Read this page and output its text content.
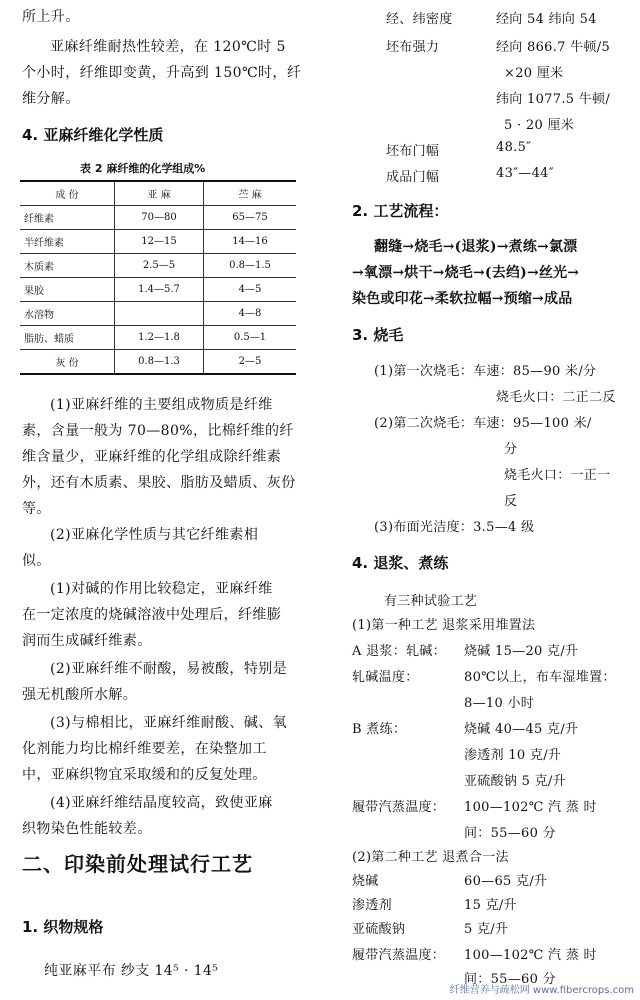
所上升。
亚麻纤维耐热性较差，在 120℃时 5
个小时，纤维即变黄，升高到 150℃时，纤
维分解。
4. 亚麻纤维化学性质
表 2 麻纤维的化学组成%
成 份	亚 麻	苎 麻
纤维素	70—80	65—75
半纤维素	12—15	14—16
木质素	2.5—5	0.8—1.5
果胶	1.4—5.7	4—5
水溶物		4—8
脂肪、蜡质	1.2—1.8	0.5—1
灰 份	0.8—1.3	2—5
(1)亚麻纤维的主要组成物质是纤维
素，含量一般为 70—80%，比棉纤维的纤
维含量少，亚麻纤维的化学组成除纤维素
外，还有木质素、果胶、脂肪及蜡质、灰份
等。
(2)亚麻化学性质与其它纤维素相
似。
(1)对碱的作用比较稳定，亚麻纤维
在一定浓度的烧碱溶液中处理后，纤维膨
润而生成碱纤维素。
(2)亚麻纤维不耐酸，易被酸，特别是
强无机酸所水解。
(3)与棉相比，亚麻纤维耐酸、碱、氧
化剂能力均比棉纤维要差，在染整加工
中，亚麻织物宜采取缓和的反复处理。
(4)亚麻纤维结晶度较高，致使亚麻
织物染色性能较差。
二、印染前处理试行工艺
1. 织物规格
纯亚麻平布 纱支 14⁵ · 14⁵
经、纬密度	经向 54 纬向 54
坯布强力	经向 866.7 牛顿/5
×20 厘米
纬向 1077.5 牛顿/
5 · 20 厘米
坯布门幅	48.5″
成品门幅	43″—44″
2. 工艺流程：
翻缝→烧毛→(退浆)→煮练→氯漂
→氧漂→烘干→烧毛→(去绉)→丝光→
染色或印花→柔软拉幅→预缩→成品
3. 烧毛
(1)第一次烧毛：车速：85—90 米/分
烧毛火口：二正二反
(2)第二次烧毛：车速：95—100 米/
分
烧毛火口：一正一
反
(3)布面光洁度：3.5—4 级
4. 退浆、煮练
有三种试验工艺
(1)第一种工艺 退浆采用堆置法
A 退浆：轧碱： 烧碱 15—20 克/升
轧碱温度：	80℃以上，布车湿堆置：
8—10 小时
B 煮练：	烧碱 40—45 克/升
渗透剂 10 克/升
亚硫酸钠 5 克/升
履带汽蒸温度： 100—102℃ 汽 蒸 时
间：55—60 分
(2)第二种工艺 退煮合一法
烧碱	60—65 克/升
渗透剂	15 克/升
亚硫酸钠	5 克/升
履带汽蒸温度： 100—102℃ 汽 蒸 时
间：55—60 分
纤维营养与疏松网 www.fibercrops.com
